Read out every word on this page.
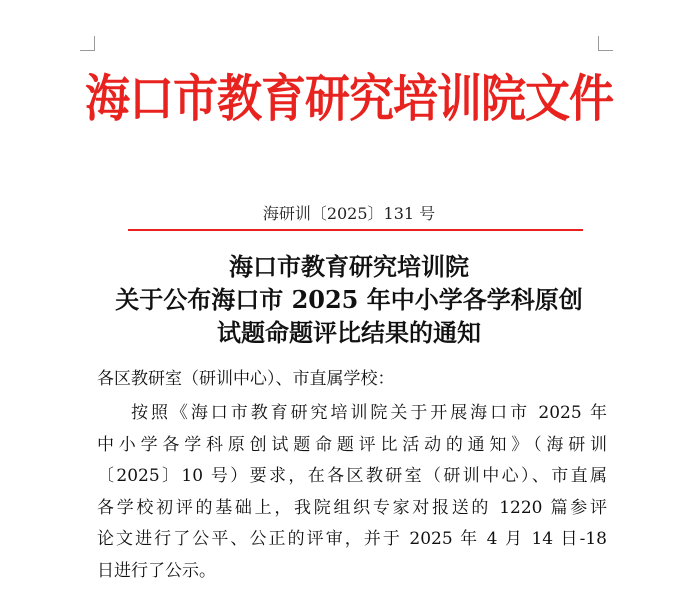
海口市教育研究培训院文件
海研训〔2025〕131 号
海口市教育研究培训院
关于公布海口市 2025 年中小学各学科原创
试题命题评比结果的通知
各区教研室（研训中心）、市直属学校：
按照《海口市教育研究培训院关于开展海口市 2025 年
中小学各学科原创试题命题评比活动的通知》（海研训
〔2025〕10 号）要求，在各区教研室（研训中心）、市直属
各学校初评的基础上，我院组织专家对报送的 1220 篇参评
论文进行了公平、公正的评审，并于 2025 年 4 月 14 日-18
日进行了公示。
